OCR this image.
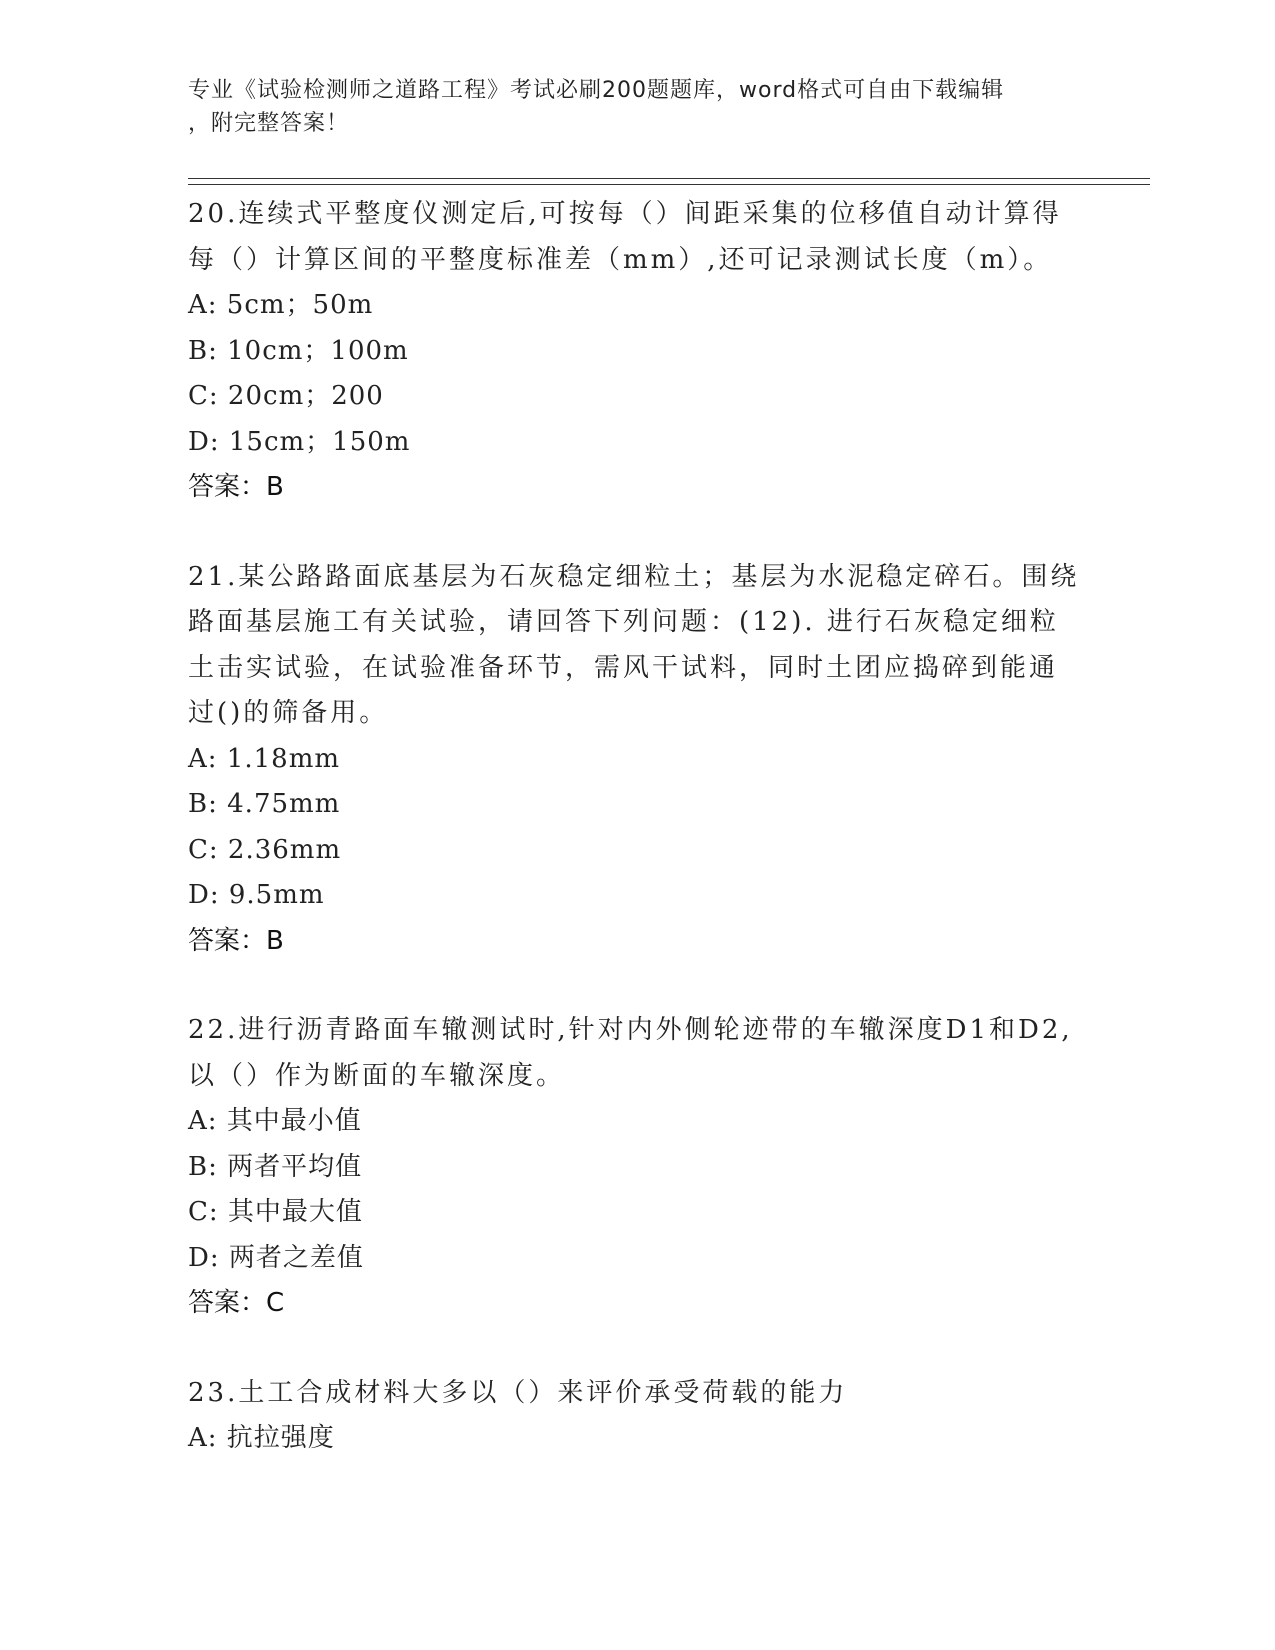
专业《试验检测师之道路工程》考试必刷200题题库，word格式可自由下载编辑
，附完整答案！
20.连续式平整度仪测定后,可按每（）间距采集的位移值自动计算得
每（）计算区间的平整度标准差（mm）,还可记录测试长度（m）。
A: 5cm；50m
B: 10cm；100m
C: 20cm；200
D: 15cm；150m
答案：B
21.某公路路面底基层为石灰稳定细粒土；基层为水泥稳定碎石。围绕
路面基层施工有关试验，请回答下列问题：(12). 进行石灰稳定细粒
土击实试验，在试验准备环节，需风干试料，同时土团应捣碎到能通
过()的筛备用。
A: 1.18mm
B: 4.75mm
C: 2.36mm
D: 9.5mm
答案：B
22.进行沥青路面车辙测试时,针对内外侧轮迹带的车辙深度D1和D2,
以（）作为断面的车辙深度。
A: 其中最小值
B: 两者平均值
C: 其中最大值
D: 两者之差值
答案：C
23.土工合成材料大多以（）来评价承受荷载的能力
A: 抗拉强度
